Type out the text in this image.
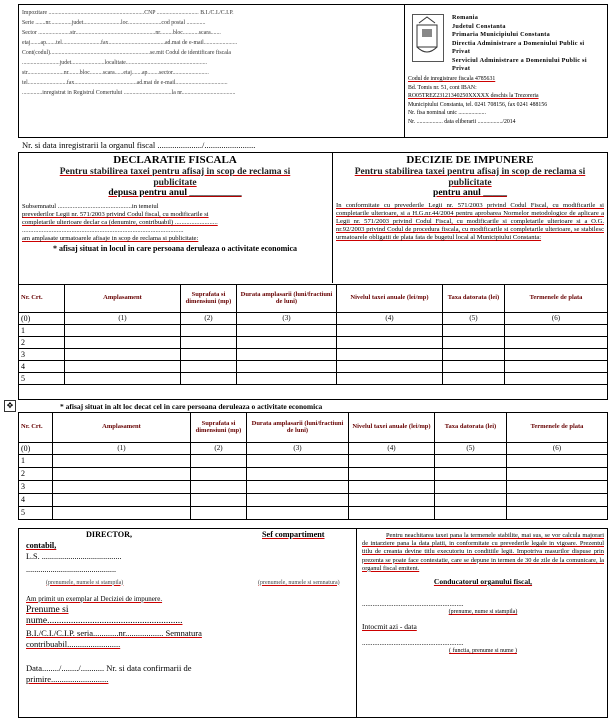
Impozitare ..................................................................CNP ............................. B.I./C.I./C.I.P.
Serie .......nr...............judet..........................loc.......................cod postal .............
Sector ......................str.......................................................nr.........bloc...........scara.......
etaj.......ap.......tel...........................fax.......................................ad.mai de e-mail.......................
Cont(codul).....................................................................se.mit Codul de identificare fiscala
..........................judet.......................localitate........................................................
str.........................nr........bloc.........scara......etaj.......ap........sector.........................
tel...........................fax...........................................ad.mai de e-mail....................................
..............inregistrat in Registrul Comertului .................................la nr.....................................
Romania
Judetul Constanta
Primaria Municipiului Constanta
Directia Administrare a Domeniului Public si Privat
Serviciul Administrare a Domeniului Public si Privat
Codul de inregistrare fiscala 4785631
Bd. Tomis nr. 51, cont IBAN:
RO05TREZ23121340250XXXXX deschis la Trezoreria
Municipiului Constanta, tel. 0241 708156, fax 0241 488156
Nr. fisa nominal unic ...................
Nr. .................. data eliberarii ................./2014
Nr. si data inregistrarii la organul fiscal ...................../........................
DECLARATIE FISCALA
Pentru stabilirea taxei pentru afisaj in scop de reclama si publicitate
depusa pentru anul ___________
Subsemnatul .............................................in temeiul
prevederilor Legii nr. 571/2003 privind Codul fiscal, cu modificarile si
completarile ulterioare declar ca (denumire, contribuabil) ..........................
..................................................................................................
am amplasate urmatoarele afisaje in scop de reclama si publicitate:
* afisaj situat in locul in care persoana deruleaza o activitate economica
DECIZIE DE IMPUNERE
Pentru stabilirea taxei pentru afisaj in scop de reclama si publicitate
pentru anul _____
In conformitate cu prevederile Legii nr. 571/2003 privind Codul Fiscal, cu modificarile si completarile ulterioare, si a H.G.nr.44/2004 pentru aprobarea Normelor metodologice de aplicare a Legii nr. 571/2003 privind Codul Fiscal, cu modificarile si completarile ulterioare si a O.G. nr.92/2003 privind Codul de procedura fiscala, cu modificarile si completarile ulterioare, se stabilesc urmatoarele obligatii de plata fata de bugetul local al Municipiului Constanta:
Nr. Crt.	Amplasament	Suprafata si dimensiuni (mp)	Durata amplasarii (luni/fractiuni de luni)	Nivelul taxei anuale (lei/mp)	Taxa datorata (lei)	Termenele de plata
(0)	(1)	(2)	(3)	(4)	(5)	(6)
1						
2						
3						
4						
5						
✥	* afisaj situat in alt loc decat cel in care persoana deruleaza o activitate economica
Nr. Crt.	Amplasament	Suprafata si dimensiuni (mp)	Durata amplasarii (luni/fractiuni de luni)	Nivelul taxei anuale (lei/mp)	Taxa datorata (lei)	Termenele de plata
(0)	(1)	(2)	(3)	(4)	(5)	(6)
1						
2						
3						
4						
5						
DIRECTOR,	Sef compartiment
contabil,
L.S. .......................................
............................................
(prenumele, numele si stampila)	(prenumele, numele si semnatura)
Am primit un exemplar al Deciziei de impunere.
Prenume si
nume.........................................................
B.I./C.I./C.I.P. seria............nr.................. Semnatura
contribuabil.........................
Data......../......../........... Nr. si data confirmarii de
primire...........................
Pentru neachitarea taxei pana la termenele stabilite, mai sus, se vor calcula majorari de intarziere pana la data platii, in conformitate cu prevederile legale in vigoare. Prezentul titlu de creanta devine titlu executoriu in conditiile legii. Impotriva masurilor dispuse prin prezenta se poate face contestatie, care se depune in termen de 30 de zile de la comunicare, la organul fiscal emitent.
Conducatorul organului fiscal,
..........................................................
(prenume, nume si stampila)
Intocmit azi - data
..........................................................
( functia, prenume si nume )
